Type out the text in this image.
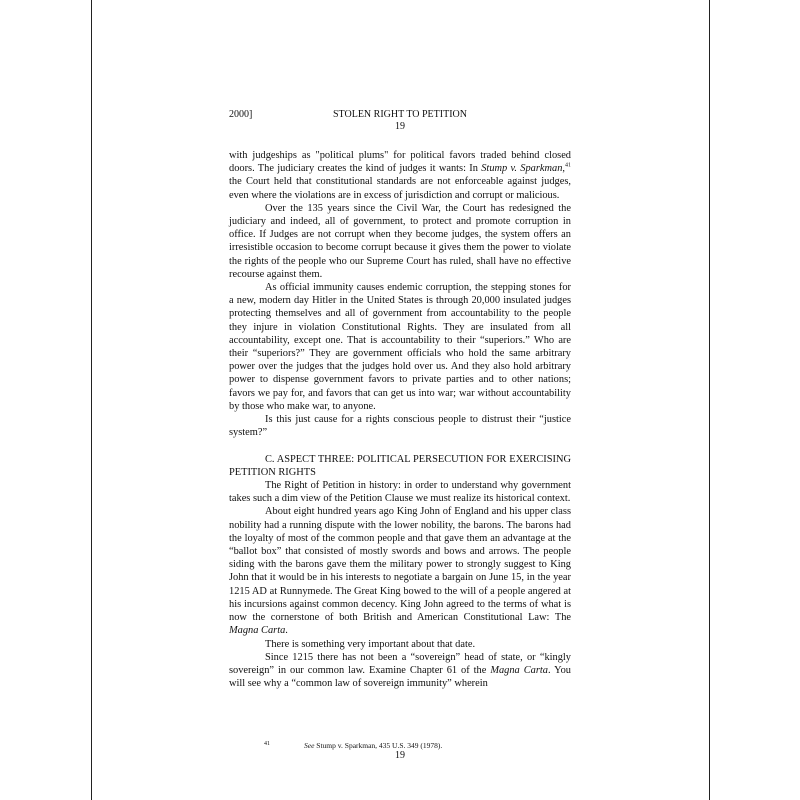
2000]	STOLEN RIGHT TO PETITION
19

with judgeships as "political plums" for political favors traded behind closed doors. The judiciary creates the kind of judges it wants: In Stump v. Sparkman,$^{41}$ the Court held that constitutional standards are not enforceable against judges, even where the violations are in excess of jurisdiction and corrupt or malicious.

Over the 135 years since the Civil War, the Court has redesigned the judiciary and indeed, all of government, to protect and promote corruption in office. If Judges are not corrupt when they become judges, the system offers an irresistible occasion to become corrupt because it gives them the power to violate the rights of the people who our Supreme Court has ruled, shall have no effective recourse against them.

As official immunity causes endemic corruption, the stepping stones for a new, modern day Hitler in the United States is through 20,000 insulated judges protecting themselves and all of government from accountability to the people they injure in violation Constitutional Rights. They are insulated from all accountability, except one. That is accountability to their “superiors.” Who are their “superiors?” They are government officials who hold the same arbitrary power over the judges that the judges hold over us. And they also hold arbitrary power to dispense government favors to private parties and to other nations; favors we pay for, and favors that can get us into war; war without accountability by those who make war, to anyone.

Is this just cause for a rights conscious people to distrust their “justice system?”

C. ASPECT THREE: POLITICAL PERSECUTION FOR EXERCISING PETITION RIGHTS

The Right of Petition in history: in order to understand why government takes such a dim view of the Petition Clause we must realize its historical context.

About eight hundred years ago King John of England and his upper class nobility had a running dispute with the lower nobility, the barons. The barons had the loyalty of most of the common people and that gave them an advantage at the “ballot box” that consisted of mostly swords and bows and arrows. The people siding with the barons gave them the military power to strongly suggest to King John that it would be in his interests to negotiate a bargain on June 15, in the year 1215 AD at Runnymede. The Great King bowed to the will of a people angered at his incursions against common decency. King John agreed to the terms of what is now the cornerstone of both British and American Constitutional Law: The Magna Carta.

There is something very important about that date.

Since 1215 there has not been a “sovereign” head of state, or “kingly sovereign” in our common law. Examine Chapter 61 of the Magna Carta. You will see why a “common law of sovereign immunity” wherein

41	See Stump v. Sparkman, 435 U.S. 349 (1978).
19
